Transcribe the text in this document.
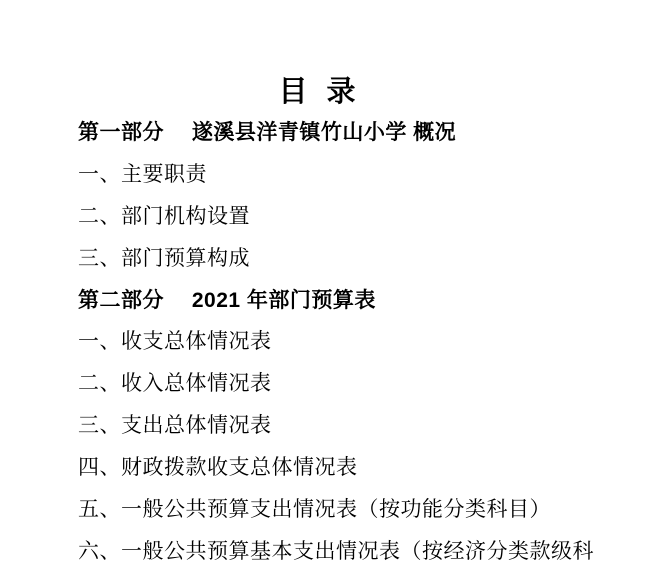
目  录
第一部分　 遂溪县洋青镇竹山小学 概况
一、主要职责
二、部门机构设置
三、部门预算构成
第二部分　 2021 年部门预算表
一、收支总体情况表
二、收入总体情况表
三、支出总体情况表
四、财政拨款收支总体情况表
五、一般公共预算支出情况表（按功能分类科目）
六、一般公共预算基本支出情况表（按经济分类款级科
